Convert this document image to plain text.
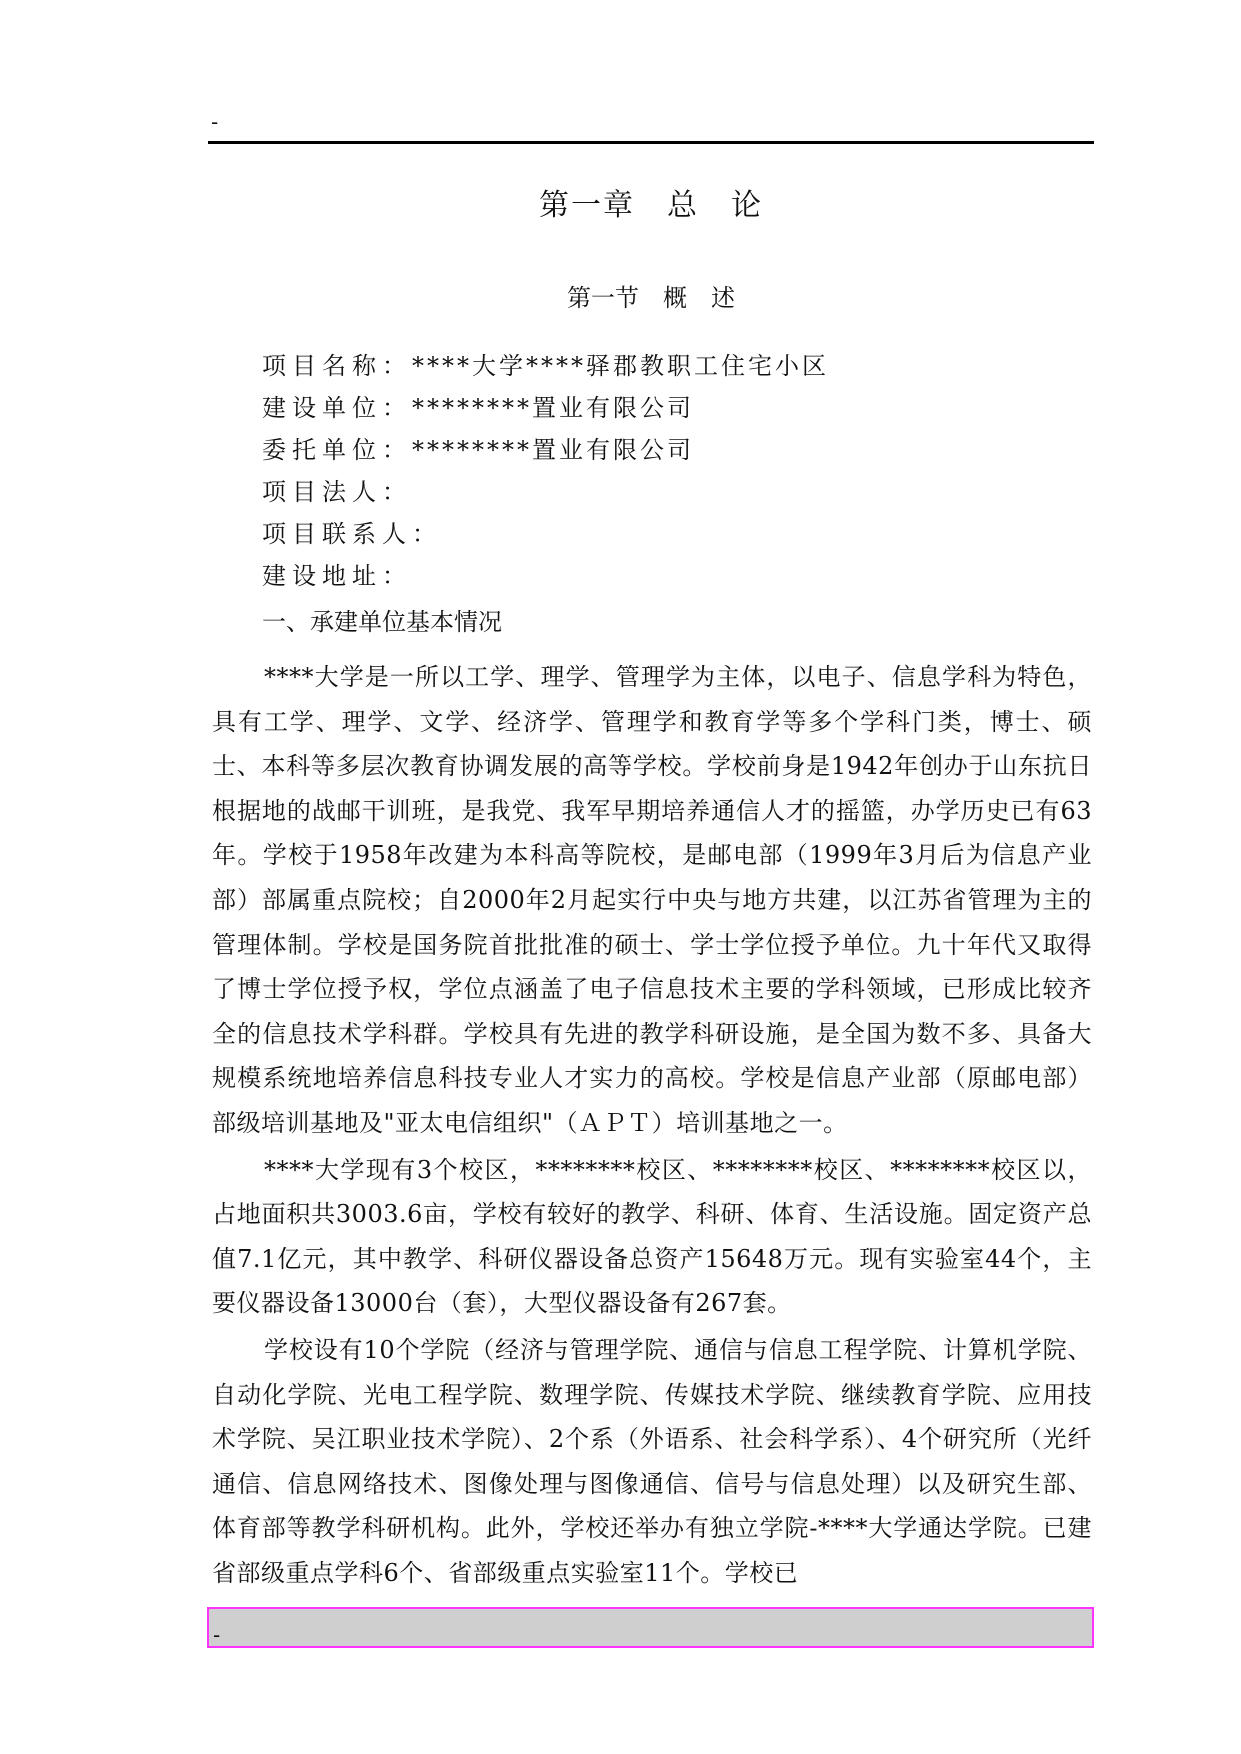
-
第一章　总　论
第一节　概　述
项目名称：****大学****驿郡教职工住宅小区
建设单位：********置业有限公司
委托单位：********置业有限公司
项目法人：
项目联系人：
建设地址：
一、承建单位基本情况

****大学是一所以工学、理学、管理学为主体，以电子、信息学科为特色，具有工学、理学、文学、经济学、管理学和教育学等多个学科门类，博士、硕士、本科等多层次教育协调发展的高等学校。学校前身是1942年创办于山东抗日根据地的战邮干训班，是我党、我军早期培养通信人才的摇篮，办学历史已有63年。学校于1958年改建为本科高等院校，是邮电部（1999年3月后为信息产业部）部属重点院校；自2000年2月起实行中央与地方共建，以江苏省管理为主的管理体制。学校是国务院首批批准的硕士、学士学位授予单位。九十年代又取得了博士学位授予权，学位点涵盖了电子信息技术主要的学科领域，已形成比较齐全的信息技术学科群。学校具有先进的教学科研设施，是全国为数不多、具备大规模系统地培养信息科技专业人才实力的高校。学校是信息产业部（原邮电部）部级培训基地及"亚太电信组织"（ＡＰＴ）培训基地之一。

****大学现有3个校区，********校区、********校区、********校区以，占地面积共3003.6亩，学校有较好的教学、科研、体育、生活设施。固定资产总值7.1亿元，其中教学、科研仪器设备总资产15648万元。现有实验室44个，主要仪器设备13000台（套），大型仪器设备有267套。

学校设有10个学院（经济与管理学院、通信与信息工程学院、计算机学院、自动化学院、光电工程学院、数理学院、传媒技术学院、继续教育学院、应用技术学院、吴江职业技术学院）、2个系（外语系、社会科学系）、4个研究所（光纤通信、信息网络技术、图像处理与图像通信、信号与信息处理）以及研究生部、体育部等教学科研机构。此外，学校还举办有独立学院-****大学通达学院。已建省部级重点学科6个、省部级重点实验室11个。学校已

-
